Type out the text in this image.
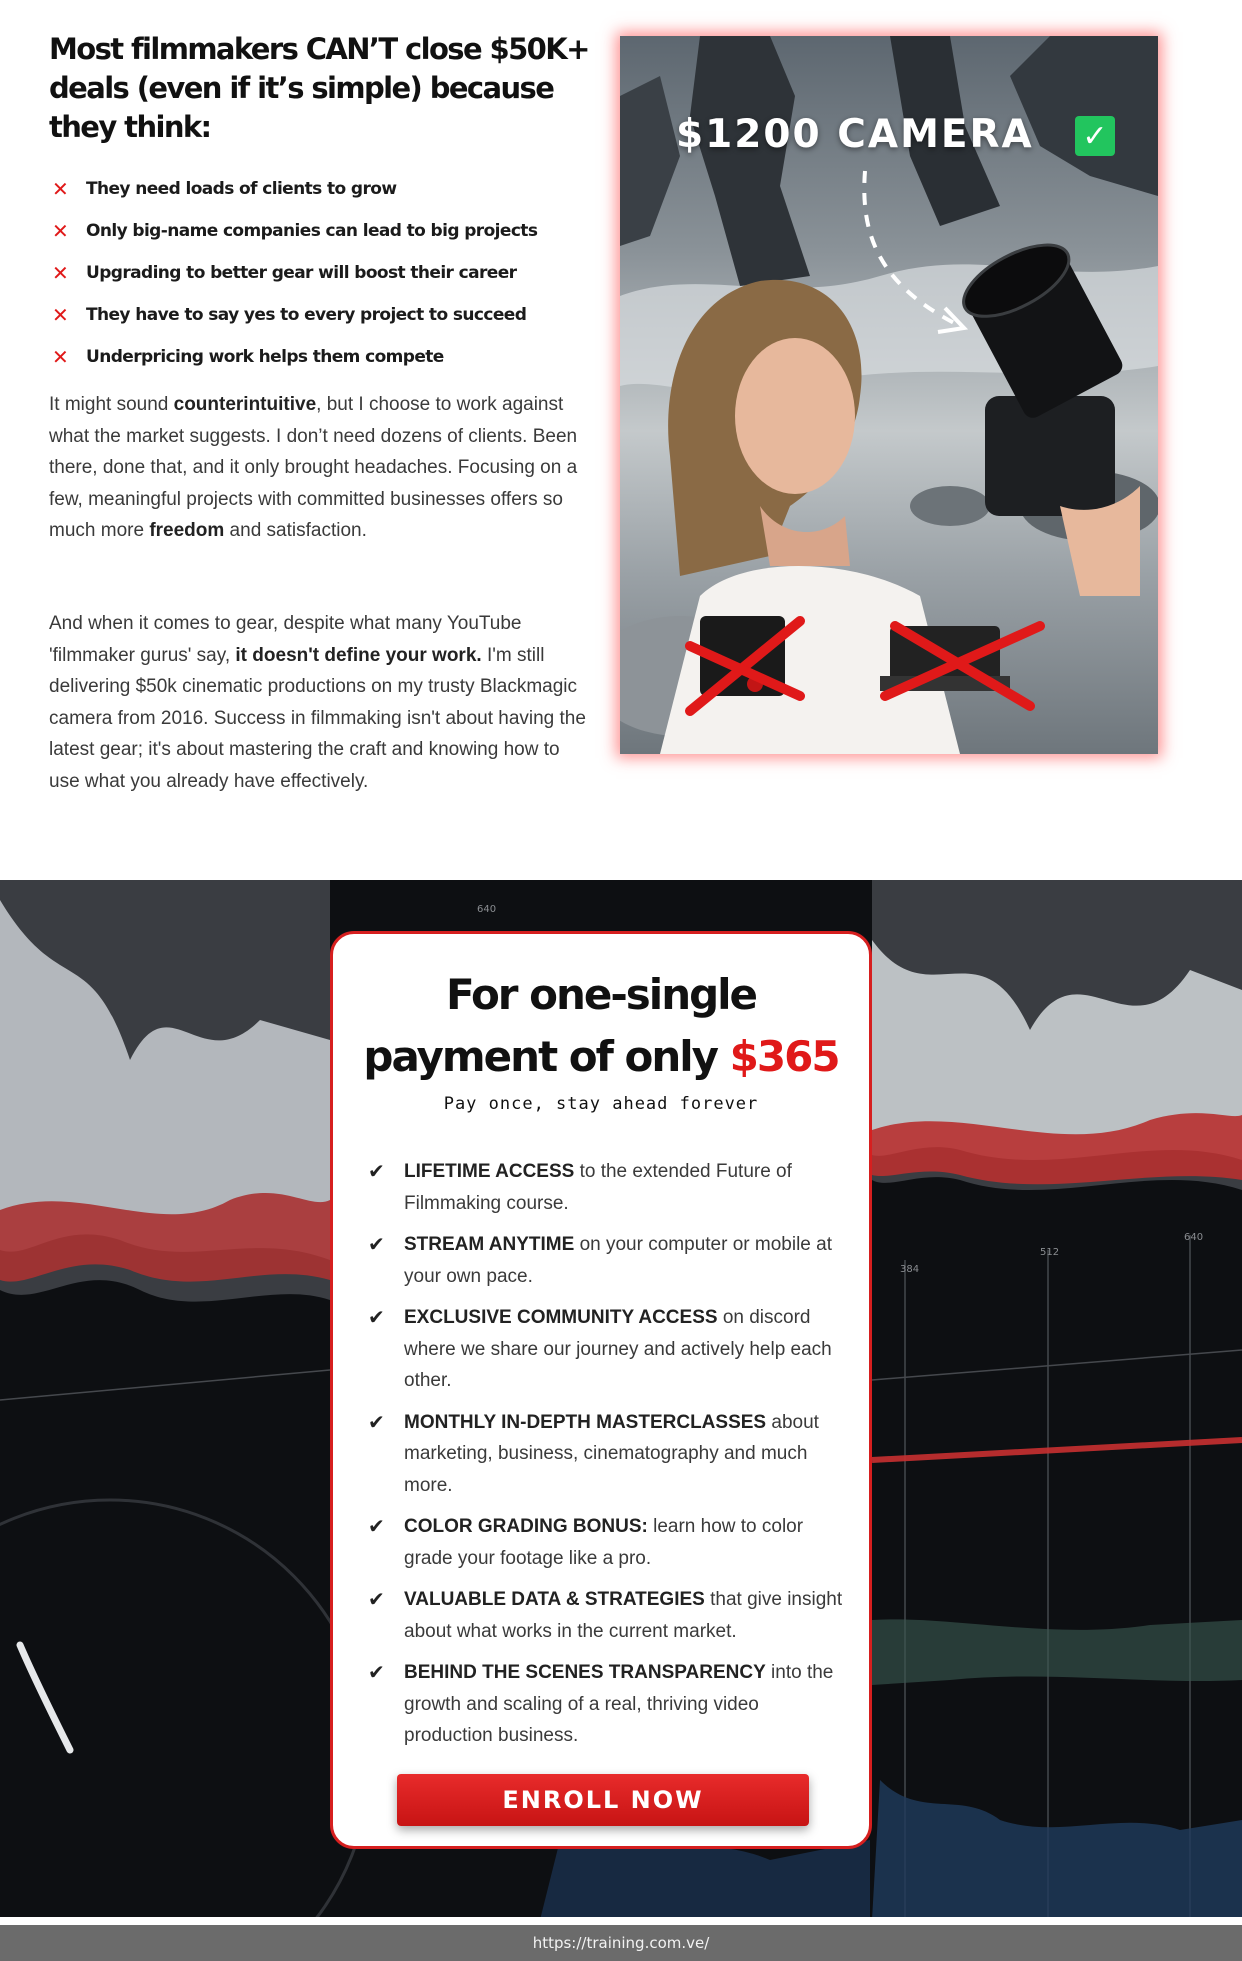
Most filmmakers CAN’T close $50K+ deals (even if it’s simple) because they think:
✕ They need loads of clients to grow
✕ Only big-name companies can lead to big projects
✕ Upgrading to better gear will boost their career
✕ They have to say yes to every project to succeed
✕ Underpricing work helps them compete

It might sound counterintuitive, but I choose to work against what the market suggests. I don’t need dozens of clients. Been there, done that, and it only brought headaches. Focusing on a few, meaningful projects with committed businesses offers so much more freedom and satisfaction.

And when it comes to gear, despite what many YouTube 'filmmaker gurus' say, it doesn't define your work. I'm still delivering $50k cinematic productions on my trusty Blackmagic camera from 2016. Success in filmmaking isn't about having the latest gear; it's about mastering the craft and knowing how to use what you already have effectively.

$1200 CAMERA ✓
640
384
512
640
For one-single
payment of only $365
Pay once, stay ahead forever
✔ LIFETIME ACCESS to the extended Future of Filmmaking course.
✔ STREAM ANYTIME on your computer or mobile at your own pace.
✔ EXCLUSIVE COMMUNITY ACCESS on discord where we share our journey and actively help each other.
✔ MONTHLY IN-DEPTH MASTERCLASSES about marketing, business, cinematography and much more.
✔ COLOR GRADING BONUS: learn how to color grade your footage like a pro.
✔ VALUABLE DATA & STRATEGIES that give insight about what works in the current market.
✔ BEHIND THE SCENES TRANSPARENCY into the growth and scaling of a real, thriving video production business.
ENROLL NOW
https://training.com.ve/
